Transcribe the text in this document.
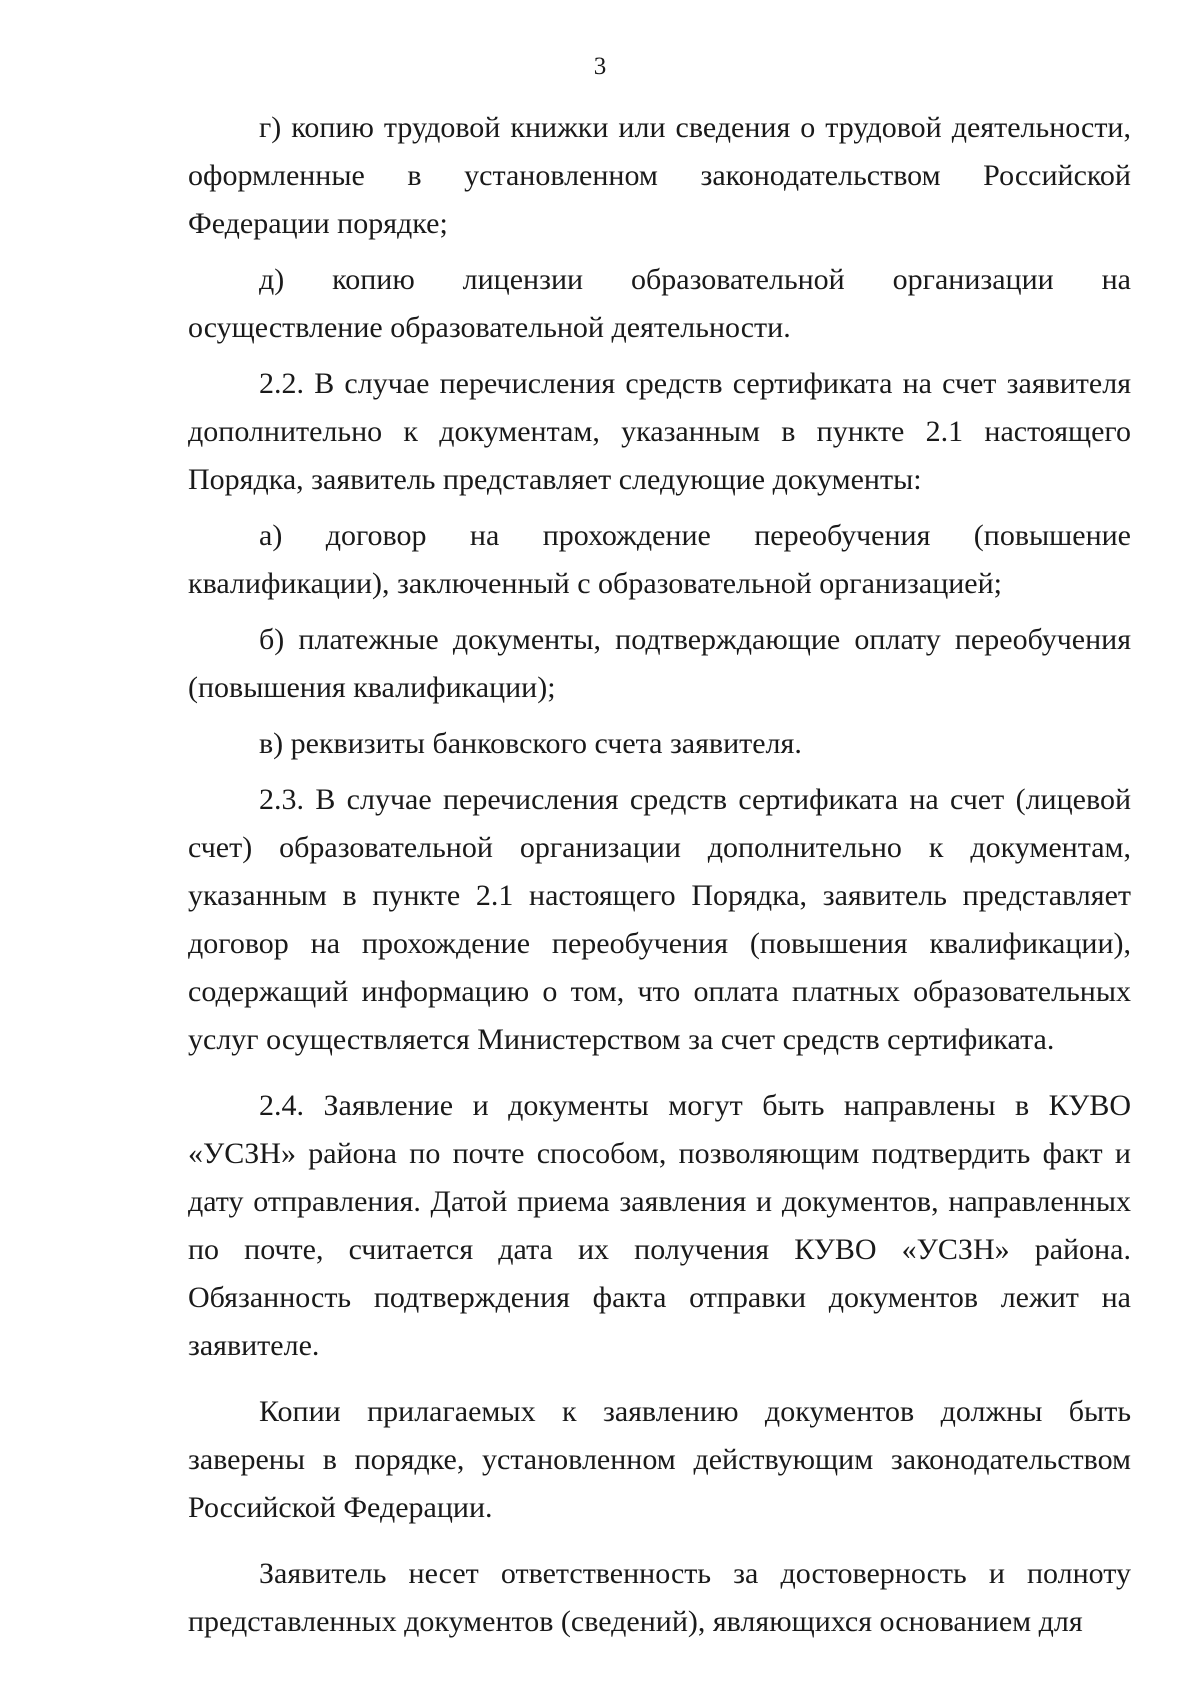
3

г) копию трудовой книжки или сведения о трудовой деятельности, оформленные в установленном законодательством Российской Федерации порядке;

д) копию лицензии образовательной организации на осуществление образовательной деятельности.

2.2. В случае перечисления средств сертификата на счет заявителя дополнительно к документам, указанным в пункте 2.1 настоящего Порядка, заявитель представляет следующие документы:

а) договор на прохождение переобучения (повышение квалификации), заключенный с образовательной организацией;

б) платежные документы, подтверждающие оплату переобучения (повышения квалификации);

в) реквизиты банковского счета заявителя.

2.3. В случае перечисления средств сертификата на счет (лицевой счет) образовательной организации дополнительно к документам, указанным в пункте 2.1 настоящего Порядка, заявитель представляет договор на прохождение переобучения (повышения квалификации), содержащий информацию о том, что оплата платных образовательных услуг осуществляется Министерством за счет средств сертификата.

2.4. Заявление и документы могут быть направлены в КУВО «УСЗН» района по почте способом, позволяющим подтвердить факт и дату отправления. Датой приема заявления и документов, направленных по почте, считается дата их получения КУВО «УСЗН» района. Обязанность подтверждения факта отправки документов лежит на заявителе.

Копии прилагаемых к заявлению документов должны быть заверены в порядке, установленном действующим законодательством Российской Федерации.

Заявитель несет ответственность за достоверность и полноту представленных документов (сведений), являющихся основанием для
